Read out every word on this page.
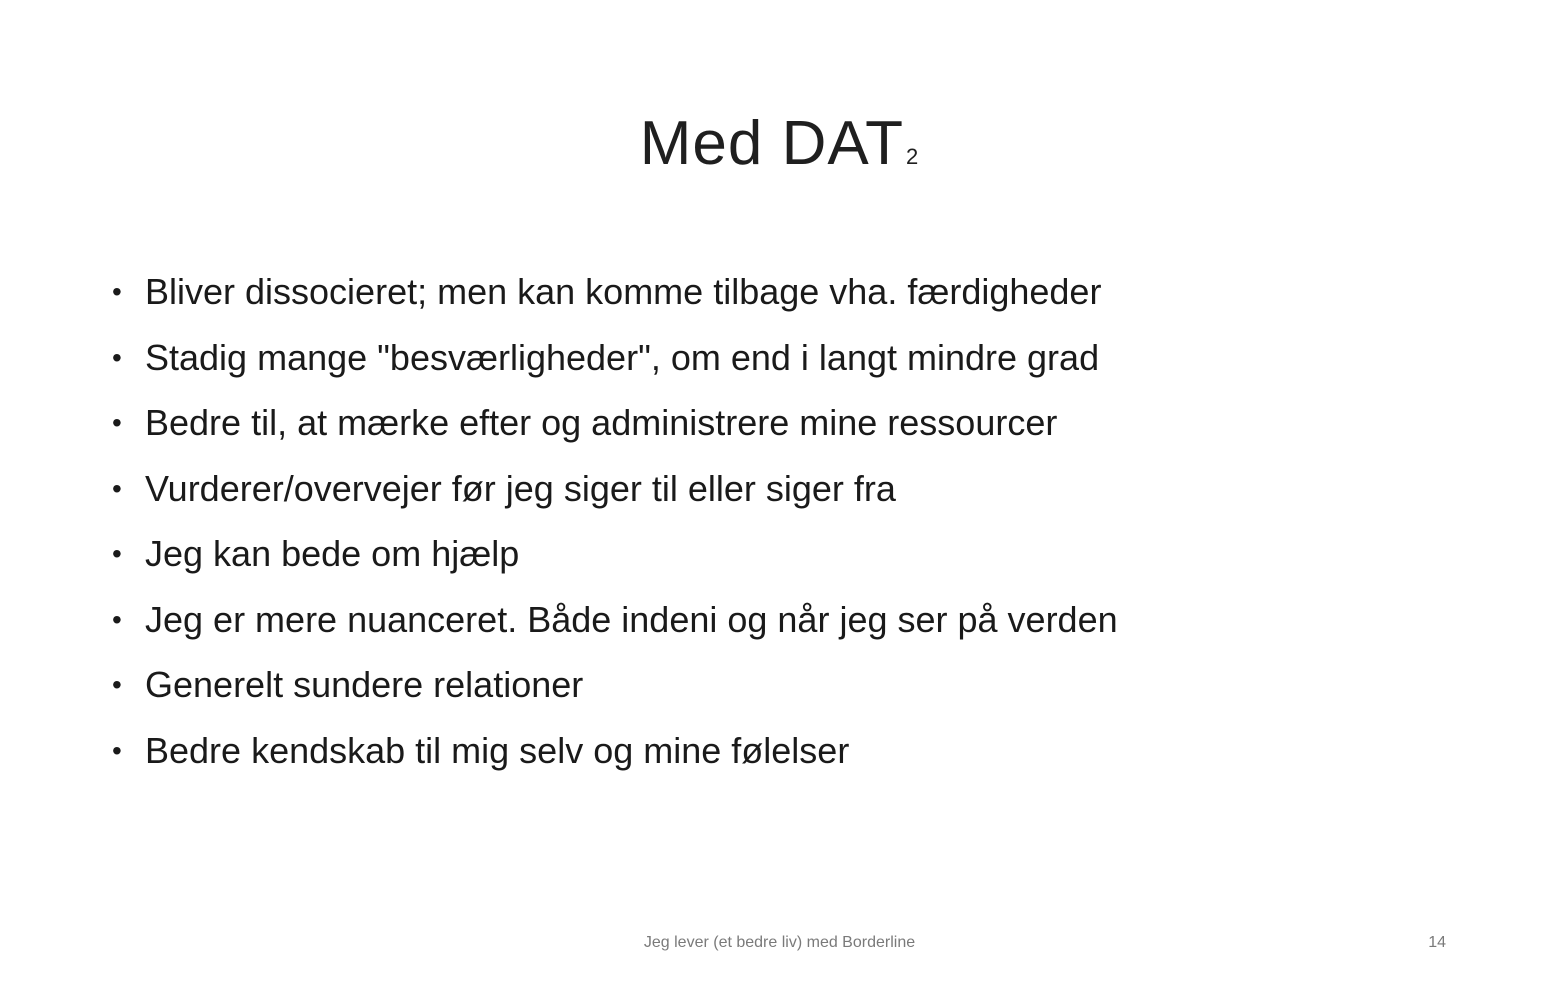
Med DAT2
• Bliver dissocieret; men kan komme tilbage vha. færdigheder
• Stadig mange "besværligheder", om end i langt mindre grad
• Bedre til, at mærke efter og administrere mine ressourcer
• Vurderer/overvejer før jeg siger til eller siger fra
• Jeg kan bede om hjælp
• Jeg er mere nuanceret. Både indeni og når jeg ser på verden
• Generelt sundere relationer
• Bedre kendskab til mig selv og mine følelser
Jeg lever (et bedre liv) med Borderline	14
